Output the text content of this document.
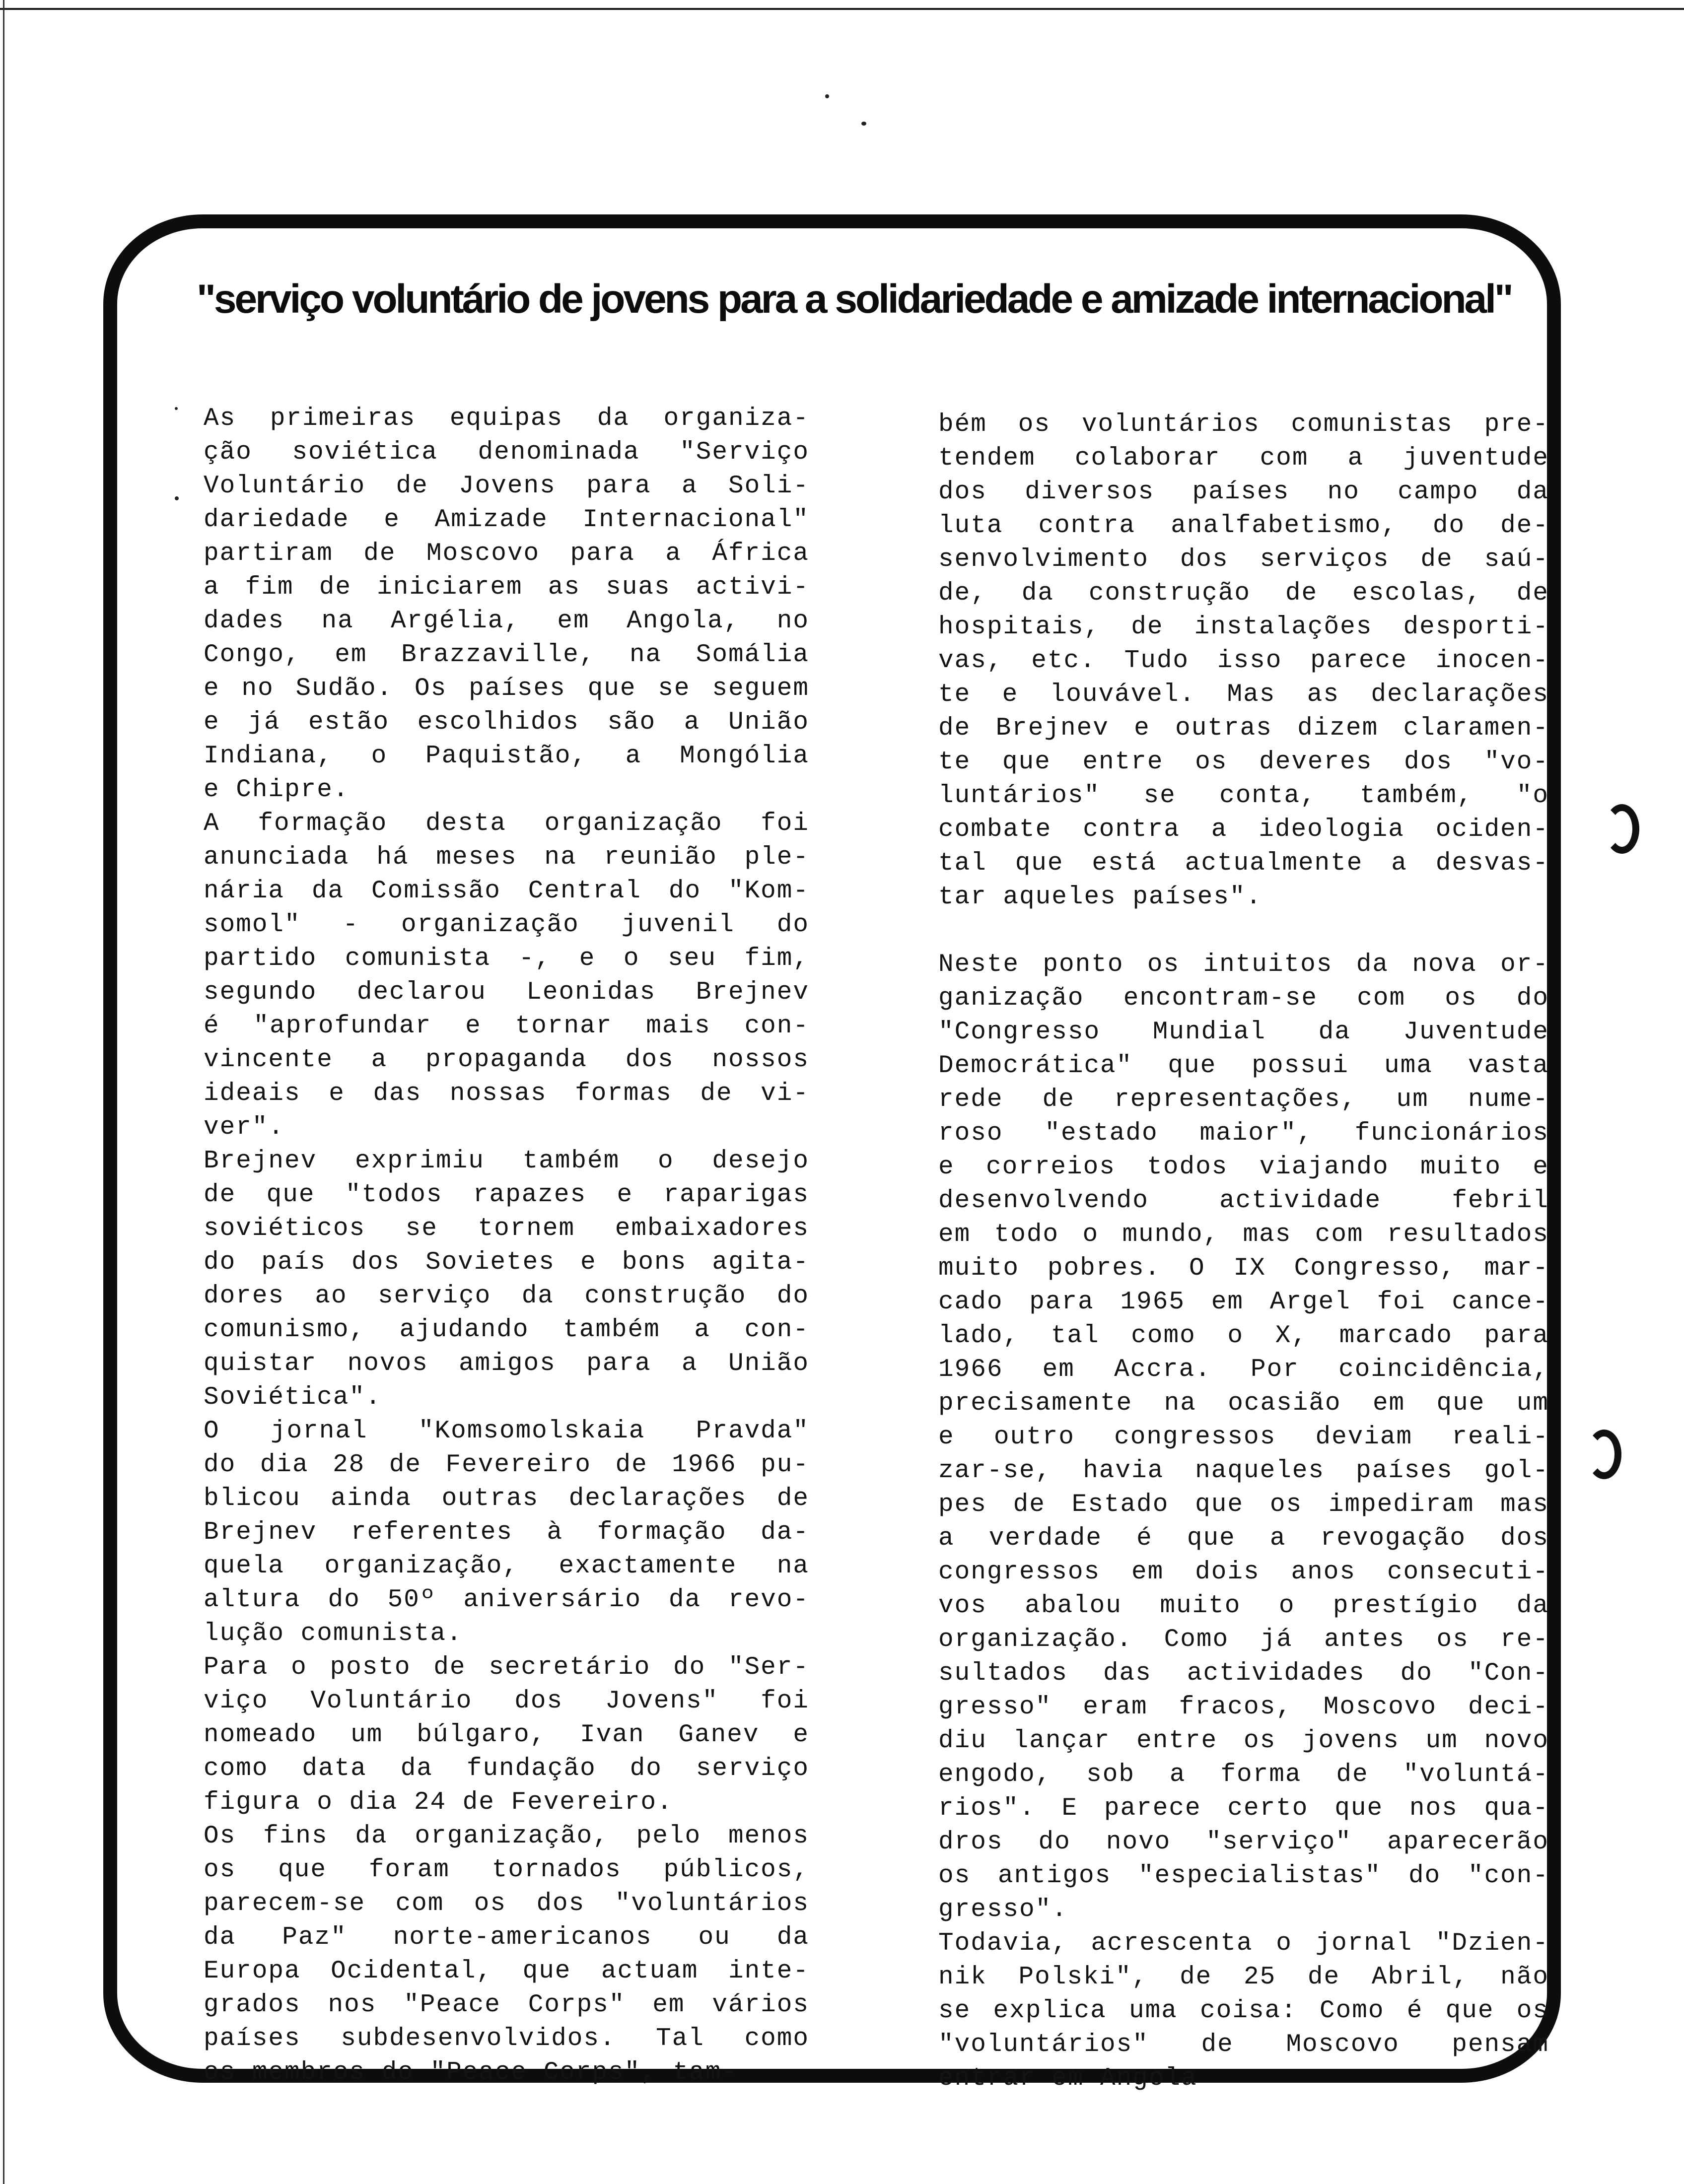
"serviço voluntário de jovens para a solidariedade e amizade internacional"
As primeiras equipas da organiza-
ção soviética denominada "Serviço
Voluntário de Jovens para a Soli-
dariedade e Amizade Internacional"
partiram de Moscovo para a África
a fim de iniciarem as suas activi-
dades na Argélia, em Angola, no
Congo, em Brazzaville, na Somália
e no Sudão. Os países que se seguem
e já estão escolhidos são a União
Indiana, o Paquistão, a Mongólia
e Chipre.
A formação desta organização foi
anunciada há meses na reunião ple-
nária da Comissão Central do "Kom-
somol" - organização juvenil do
partido comunista -, e o seu fim,
segundo declarou Leonidas Brejnev
é "aprofundar e tornar mais con-
vincente a propaganda dos nossos
ideais e das nossas formas de vi-
ver".
Brejnev exprimiu também o desejo
de que "todos rapazes e raparigas
soviéticos se tornem embaixadores
do país dos Sovietes e bons agita-
dores ao serviço da construção do
comunismo, ajudando também a con-
quistar novos amigos para a União
Soviética".
O jornal "Komsomolskaia Pravda"
do dia 28 de Fevereiro de 1966 pu-
blicou ainda outras declarações de
Brejnev referentes à formação da-
quela organização, exactamente na
altura do 50º aniversário da revo-
lução comunista.
Para o posto de secretário do "Ser-
viço Voluntário dos Jovens" foi
nomeado um búlgaro, Ivan Ganev e
como data da fundação do serviço
figura o dia 24 de Fevereiro.
Os fins da organização, pelo menos
os que foram tornados públicos,
parecem-se com os dos "voluntários
da Paz" norte-americanos ou da
Europa Ocidental, que actuam inte-
grados nos "Peace Corps" em vários
países subdesenvolvidos. Tal como
os membros do "Peace Corps", tam-
bém os voluntários comunistas pre-
tendem colaborar com a juventude
dos diversos países no campo da
luta contra analfabetismo, do de-
senvolvimento dos serviços de saú-
de, da construção de escolas, de
hospitais, de instalações desporti-
vas, etc. Tudo isso parece inocen-
te e louvável. Mas as declarações
de Brejnev e outras dizem claramen-
te que entre os deveres dos "vo-
luntários" se conta, também, "o
combate contra a ideologia ociden-
tal que está actualmente a desvas-
tar aqueles países".
Neste ponto os intuitos da nova or-
ganização encontram-se com os do
"Congresso Mundial da Juventude
Democrática" que possui uma vasta
rede de representações, um nume-
roso "estado maior", funcionários
e correios todos viajando muito e
desenvolvendo actividade febril
em todo o mundo, mas com resultados
muito pobres. O IX Congresso, mar-
cado para 1965 em Argel foi cance-
lado, tal como o X, marcado para
1966 em Accra. Por coincidência,
precisamente na ocasião em que um
e outro congressos deviam reali-
zar-se, havia naqueles países gol-
pes de Estado que os impediram mas
a verdade é que a revogação dos
congressos em dois anos consecuti-
vos abalou muito o prestígio da
organização. Como já antes os re-
sultados das actividades do "Con-
gresso" eram fracos, Moscovo deci-
diu lançar entre os jovens um novo
engodo, sob a forma de "voluntá-
rios". E parece certo que nos qua-
dros do novo "serviço" aparecerão
os antigos "especialistas" do "con-
gresso".
Todavia, acrescenta o jornal "Dzien-
nik Polski", de 25 de Abril, não
se explica uma coisa: Como é que os
"voluntários" de Moscovo pensam
entrar em Angola
